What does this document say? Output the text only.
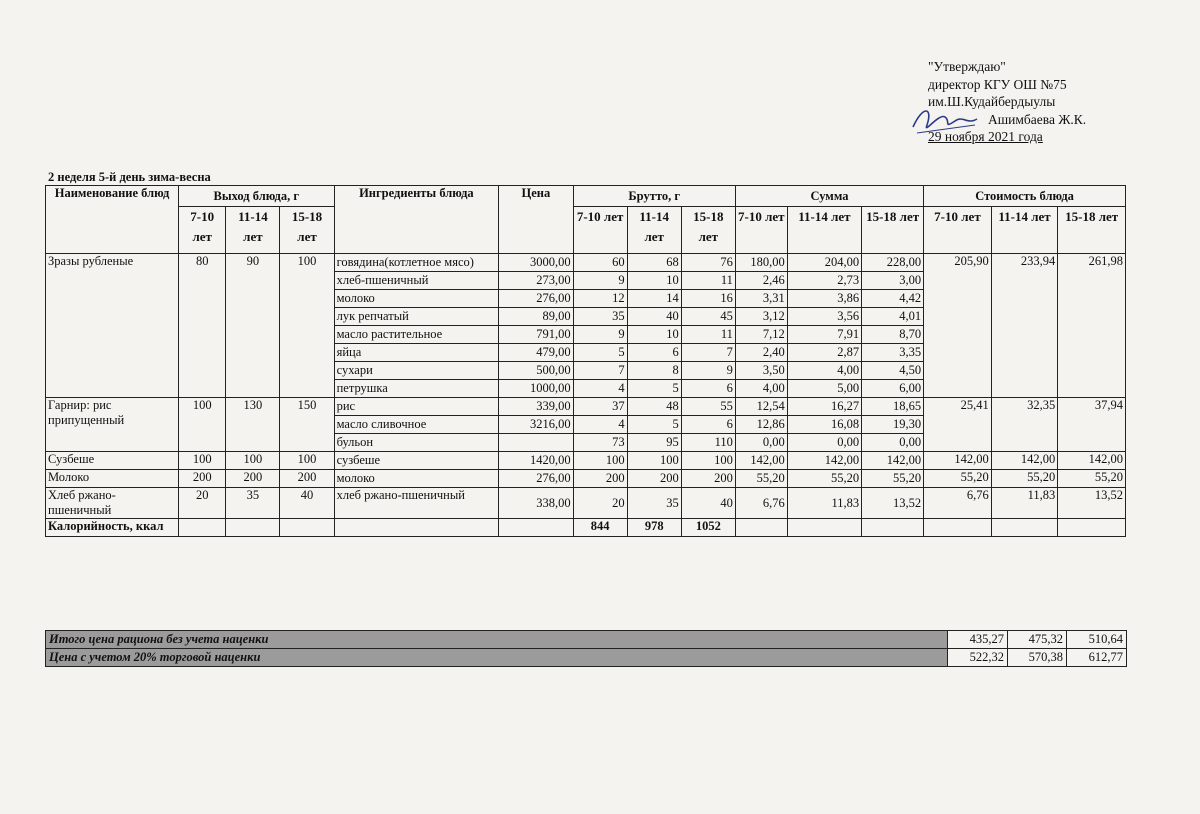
"Утверждаю"
директор КГУ ОШ №75
им.Ш.Кудайбердыулы
Ашимбаева Ж.К.
29 ноября 2021 года
2 неделя 5-й день зима-весна
Наименование блюд	Выход блюда, г			Ингредиенты блюда	Цена	Брутто, г			Сумма			Стоимость блюда		
	7-10 лет	11-14 лет	15-18 лет			7-10 лет	11-14 лет	15-18 лет	7-10 лет	11-14 лет	15-18 лет	7-10 лет	11-14 лет	15-18 лет
Зразы рубленые	80	90	100	говядина(котлетное мясо)	3000,00	60	68	76	180,00	204,00	228,00	205,90	233,94	261,98
				хлеб-пшеничный	273,00	9	10	11	2,46	2,73	3,00			
				молоко	276,00	12	14	16	3,31	3,86	4,42			
				лук репчатый	89,00	35	40	45	3,12	3,56	4,01			
				масло растительное	791,00	9	10	11	7,12	7,91	8,70			
				яйца	479,00	5	6	7	2,40	2,87	3,35			
				сухари	500,00	7	8	9	3,50	4,00	4,50			
				петрушка	1000,00	4	5	6	4,00	5,00	6,00			
Гарнир: рис припущенный	100	130	150	рис	339,00	37	48	55	12,54	16,27	18,65	25,41	32,35	37,94
				масло сливочное	3216,00	4	5	6	12,86	16,08	19,30			
				бульон		73	95	110	0,00	0,00	0,00			
Сузбеше	100	100	100	сузбеше	1420,00	100	100	100	142,00	142,00	142,00	142,00	142,00	142,00
Молоко	200	200	200	молоко	276,00	200	200	200	55,20	55,20	55,20	55,20	55,20	55,20
Хлеб ржано-пшеничный	20	35	40	хлеб ржано-пшеничный	338,00	20	35	40	6,76	11,83	13,52	6,76	11,83	13,52
Калорийность, ккал						844	978	1052						
Итого цена рациона без учета наценки	435,27	475,32	510,64
Цена с учетом 20% торговой наценки	522,32	570,38	612,77
